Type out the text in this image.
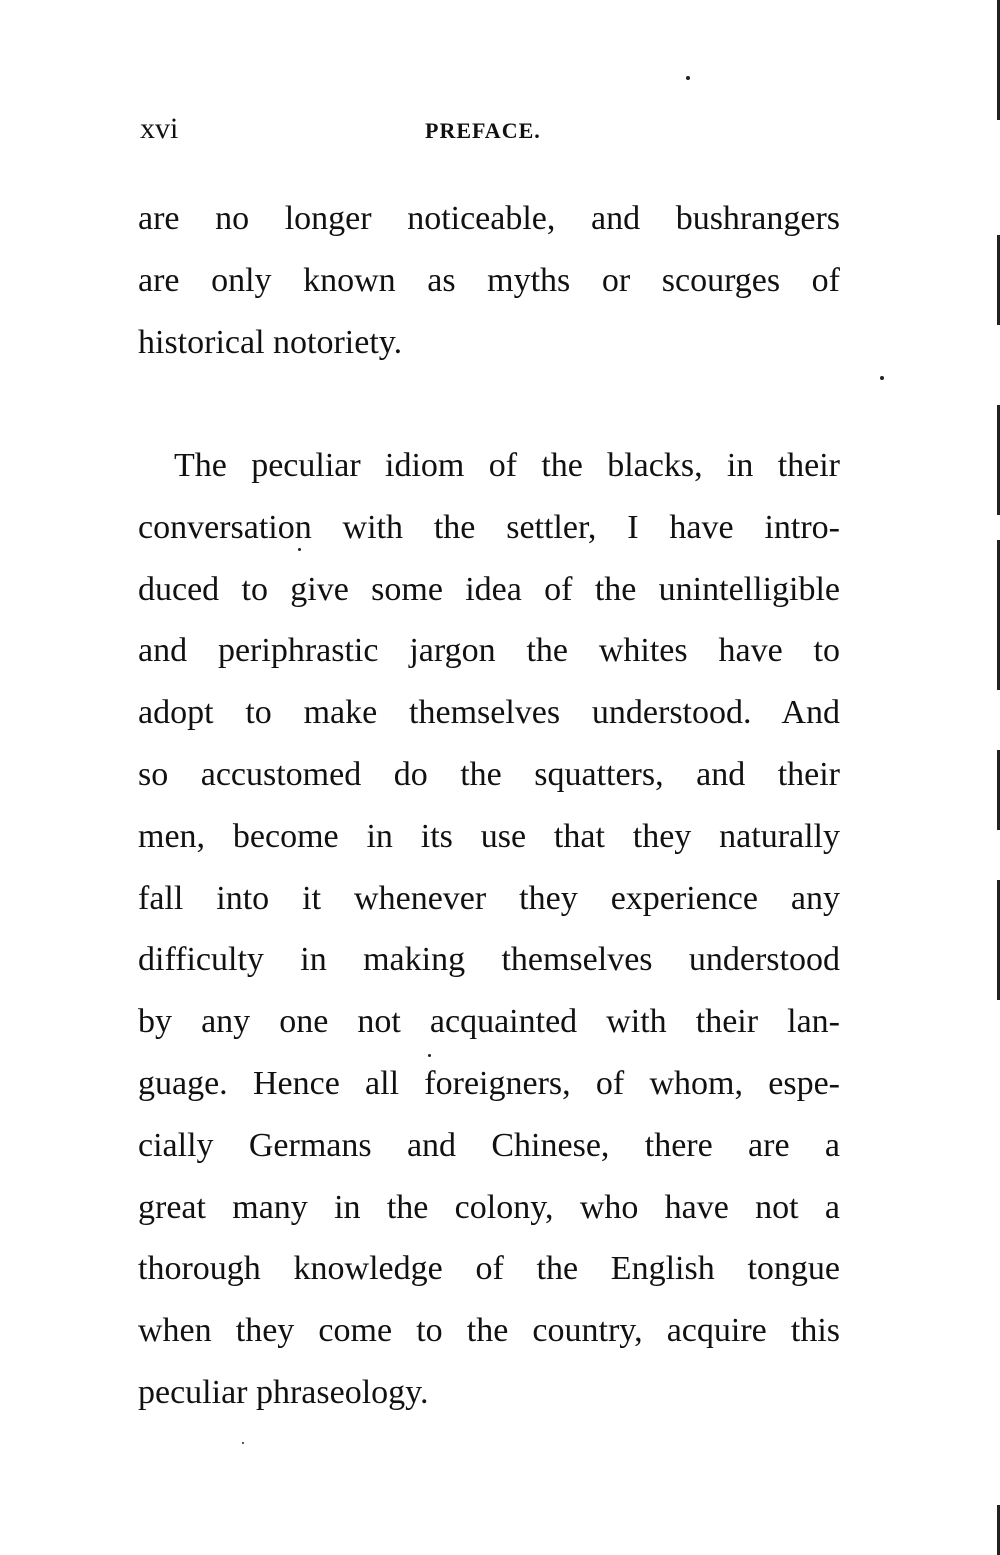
xvi	PREFACE.
are no longer noticeable, and bushrangers
are only known as myths or scourges of
historical notoriety.
The peculiar idiom of the blacks, in their
conversation with the settler, I have intro-
duced to give some idea of the unintelligible
and periphrastic jargon the whites have to
adopt to make themselves understood. And
so accustomed do the squatters, and their
men, become in its use that they naturally
fall into it whenever they experience any
difficulty in making themselves understood
by any one not acquainted with their lan-
guage. Hence all foreigners, of whom, espe-
cially Germans and Chinese, there are a
great many in the colony, who have not a
thorough knowledge of the English tongue
when they come to the country, acquire this
peculiar phraseology.
